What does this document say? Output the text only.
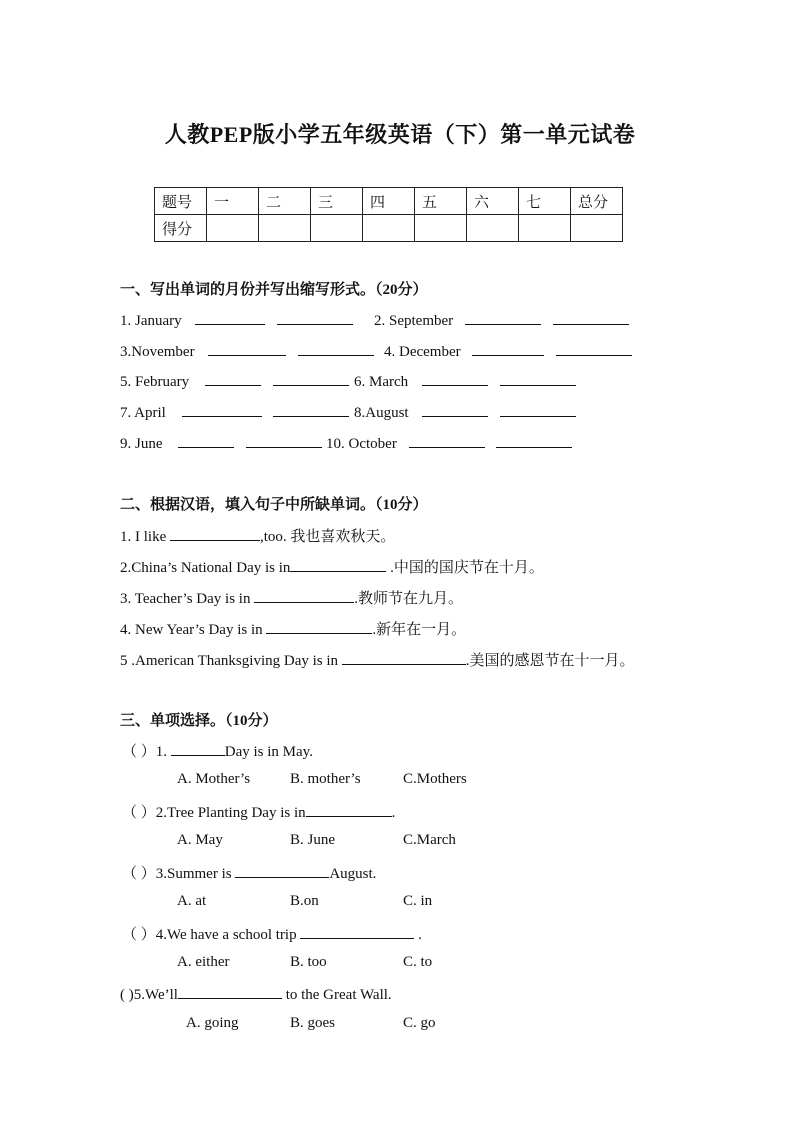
人教PEP版小学五年级英语（下）第一单元试卷
题号	一	二	三	四	五	六	七	总分
得分								
一、写出单词的月份并写出缩写形式。（20分）
1. January	2. September
3.November	4. December
5. February	6. March
7. April	8.August
9. June	10. October
二、根据汉语，填入句子中所缺单词。（10分）
1. I like	,too. 我也喜欢秋天。
2.China’s National Day is in	.中国的国庆节在十月。
3. Teacher’s Day is in	.教师节在九月。
4. New Year’s Day is in	.新年在一月。
5 .American Thanksgiving Day is in	.美国的感恩节在十一月。
三、单项选择。（10分）
（ ）1.	Day is in May.
A. Mother’s	B. mother’s	C.Mothers
（ ）2.Tree Planting Day is in	.
A. May	B. June	C.March
（ ）3.Summer is	August.
A. at	B.on	C. in
（ ）4.We have a school trip	.
A. either	B. too	C. to
( )5.We’ll	to the Great Wall.
A. going	B. goes	C. go
